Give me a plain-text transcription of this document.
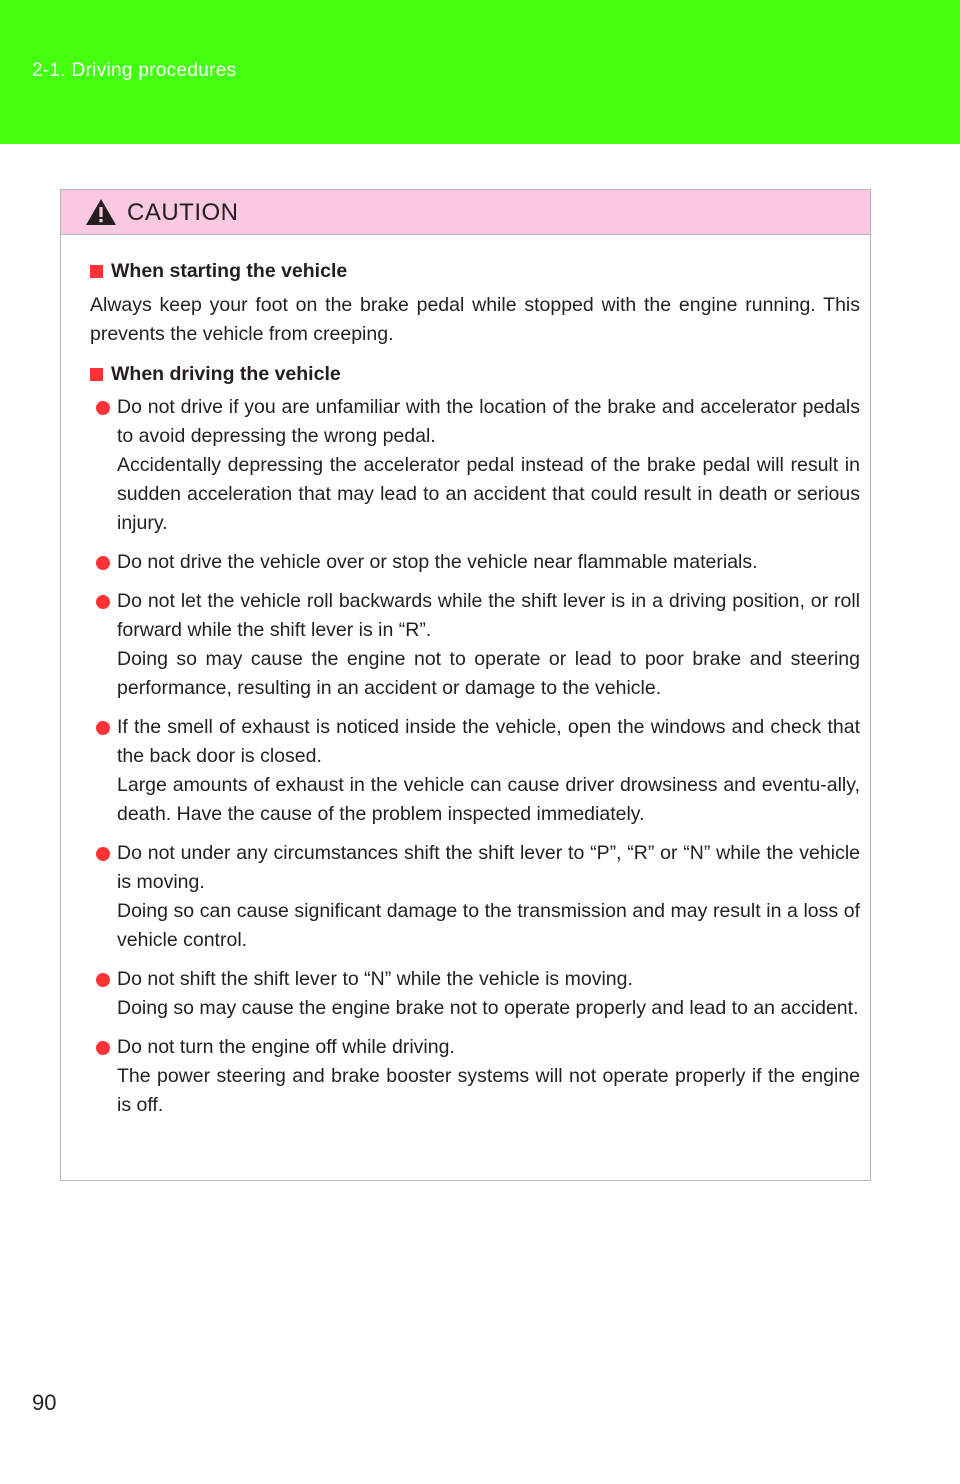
2-1. Driving procedures
CAUTION
When starting the vehicle

Always keep your foot on the brake pedal while stopped with the engine running. This prevents the vehicle from creeping.

When driving the vehicle

Do not drive if you are unfamiliar with the location of the brake and accelerator pedals to avoid depressing the wrong pedal.

Accidentally depressing the accelerator pedal instead of the brake pedal will result in sudden acceleration that may lead to an accident that could result in death or serious injury.

Do not drive the vehicle over or stop the vehicle near flammable materials.

Do not let the vehicle roll backwards while the shift lever is in a driving position, or roll forward while the shift lever is in “R”.

Doing so may cause the engine not to operate or lead to poor brake and steering performance, resulting in an accident or damage to the vehicle.

If the smell of exhaust is noticed inside the vehicle, open the windows and check that the back door is closed.

Large amounts of exhaust in the vehicle can cause driver drowsiness and eventu-ally, death. Have the cause of the problem inspected immediately.

Do not under any circumstances shift the shift lever to “P”, “R” or “N” while the vehicle is moving.

Doing so can cause significant damage to the transmission and may result in a loss of vehicle control.

Do not shift the shift lever to “N” while the vehicle is moving.

Doing so may cause the engine brake not to operate properly and lead to an accident.

Do not turn the engine off while driving.

The power steering and brake booster systems will not operate properly if the engine is off.

90
